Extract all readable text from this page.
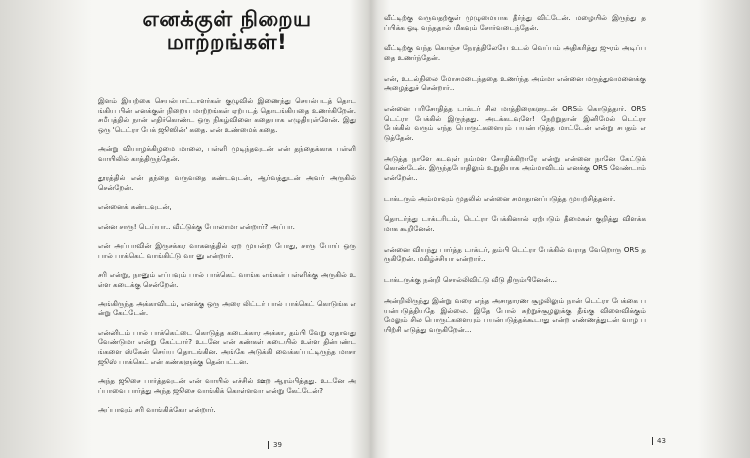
எனக்குள் நிறைய
மாற்றங்கள்!

இளம் இயற்கை செயல்பாட்டாளர்கள் குழுவில் இணைந்து செயல்படத் தொடங்கிய பின் எனக்குள் நிறைய மாற்றங்கள் ஏற்படத் தொடங்கியதை உணர்கிறேன். சமீபத்தில் நான் எதிர்கொண்ட ஒரு நிகழ்வினை கதையாக எழுதியுள்ளேன். இது ஒரு 'டெட்ரா பேக் ஜூஸின்' கதை. என் உண்மைக் கதை.

அன்று வியாழக்கிழமை மாலை, பள்ளி முடிந்தவுடன் என் தந்தைக்காக பள்ளி வாயிலில் காத்திருந்தேன்.

தூரத்தில் என் தந்தை வருவதை கண்டவுடன், ஆர்வத்துடன் அவர் அருகில் சென்றேன்.

என்னைக் கண்டவுடன்,

என்ன சாரு! டெய்யா.. வீட்டுக்கு போலாமா என்றார்? அப்பா.

என் அப்பாவின் இருசக்கர வாகனத்தில் ஏற முயன்ற போது, சாரு போய் ஒரு பால் பாக்கெட் வாங்கிட்டு வா னு என்றார்.

சரி என்று, நானும் எப்பவும் பால் பாக்கெட் வாங்க எங்கள் பள்ளிக்கு அருகில் உள்ள கடைக்கு சென்றேன்.

அங்கிருந்த அக்காவிடம், எனக்கு ஒரு அரை லிட்டர் பால் பாக்கெட் கொடுங்க என்று கேட்டேன்.

என்னிடம் பால் பாக்கெட்டை கொடுத்த கடைக்கார அக்கா, தம்பி வேறு ஏதாவது வேண்டுமா என்று கேட்டார்? உடனே என் கண்கள் கடையில் உள்ள தின்பண்டங்களை ஸ்கேன் செய்ய தொடங்கின. அங்கே அடுக்கி வைக்கப்பட்டிருந்த மாசா ஜூஸ் பாக்கெட் என் கண்களுக்கு தென்பட்டன.

அந்த ஜூசை பார்த்தவுடன் என் வாயில் எச்சில் ஊற ஆரம்பித்தது. உடனே அப்பாவை பார்த்து அந்த ஜூசை வாங்கிக் கொள்ளவா என்று கேட்டேன்?

அப்பாவும் சரி வாங்கிக்கோ என்றார்.

39

வீட்டிற்கு வருவதற்குள் முழுமையாக தீர்ந்து விட்டேன். மழையில் இருந்து தப்பிக்க ஓடி வந்ததால் மிகவும் சோர்வடைந்தேன்.

வீட்டிற்கு வந்த கொஞ்ச நேரத்திலேயே உடல் வெப்பம் அதிகரித்து ஜுரம் அடிப்பதை உணர்ந்தேன்.

என், உடல்நிலை மோசமடைந்ததை உணர்ந்த அம்மா என்னை மருத்துவமனைக்கு அழைத்துச் சென்றார்..

என்னை பரிசோதித்த டாக்டர் சில மாத்திரைகளுடன் ORSம் கொடுத்தார். ORS டெட்ரா பேக்கில் இருந்தது. அடக்கடவுளே! நேற்றுதான் இனிமேல் டெட்ரா பேக்கில் வரும் எந்த பொருட்களையும் பயன்படுத்த மாட்டேன் என்று சபதம் எடுத்தேன்.

அடுத்த நாளே கடவுள் நம்மள சோதிக்கிறாரே என்று என்னை நானே கேட்டுக் கொண்டேன். இருந்தபோதிலும் உறுதியாக அம்மாவிடம் எனக்கு ORS வேண்டாம் என்றேன்..

டாக்டரும் அம்மாவும் முதலில் என்னை சமாதானப்படுத்த முயற்சித்தனர்.

தொடர்ந்து டாக்டரிடம், டெட்ரா பேக்கினால் ஏற்படும் தீமைகள் குறித்து விளக்கமாக கூறினேன்.

என்னை வியந்து பார்த்த டாக்டர், தம்பி டெட்ரா பேக்கில் வராத வேறொரு ORS தருகிறேன். மகிழ்ச்சியா என்றார்..

டாக்டருக்கு நன்றி சொல்லிவிட்டு வீடு திரும்பினேன்...

அன்றிலிருந்து இன்று வரை எந்த அசாதாரண சூழலிலும் நான் டெட்ரா பேக்கை பயன்படுத்தியதே இல்லை. இதே போல் சுற்றுச்சூழலுக்கு தீங்கு விளைவிக்கும் மேலும் சில பொருட்களையும் பயன்படுத்தக்கூடாது என்ற எண்ணத்துடன் வாழ பயிற்சி எடுத்து வருகிறேன்...

43
